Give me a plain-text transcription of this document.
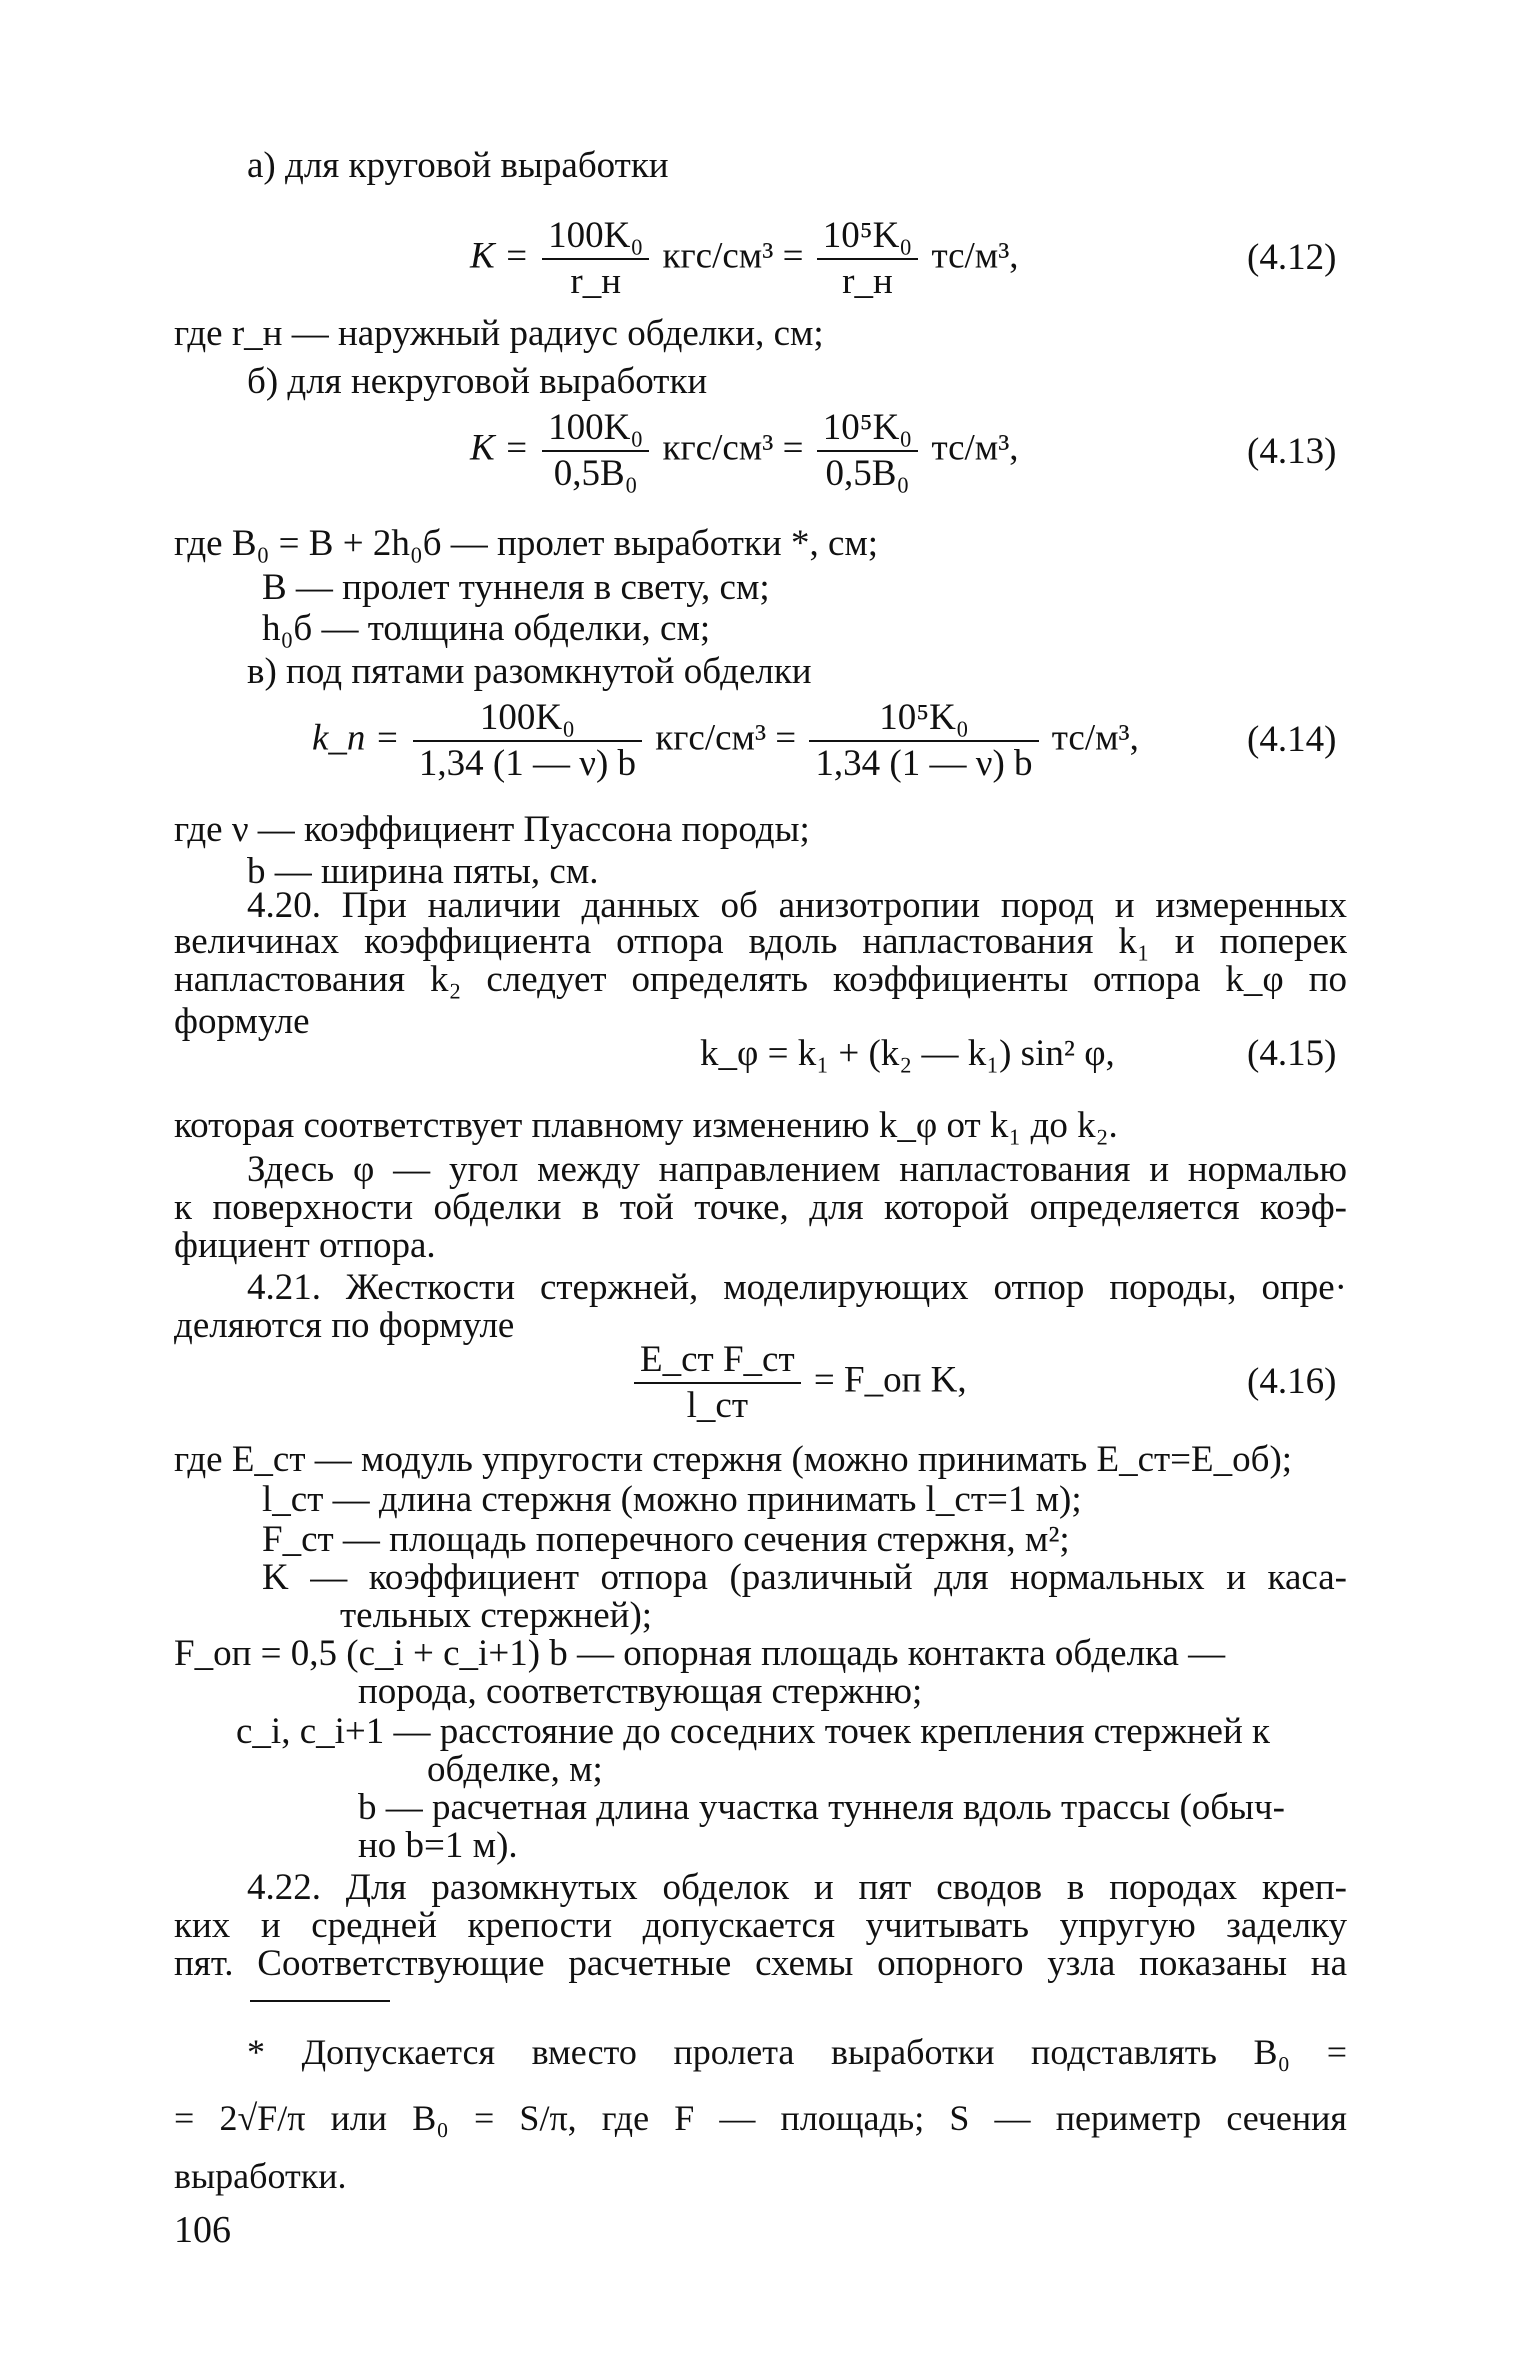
а) для круговой выработки
$K = \frac{\text{100K₀}}{r\_н} кгс/см^3 = \frac{\text{10⁵K₀}}{r\_н} тс/м^3$,	(4.12)
где r_н — наружный радиус обделки, см;
б) для некруговой выработки
$K = \frac{\text{100K₀}}{\text{0,5B₀}} кгс/см^3 = \frac{\text{10⁵K₀}}{\text{0,5B₀}} тс/м^3$,	(4.13)
где B₀ = B + 2h₀б — пролет выработки *, см;
B — пролет туннеля в свету, см;
h₀б — толщина обделки, см;
в) под пятами разомкнутой обделки
k_п = $\frac{\text{100K₀}}{1,34 (1 — \nu) b} кгс/см^3 = \frac{\text{10⁵K₀}}{1,34 (1 — \nu) b} тс/м^3$,	(4.14)
где ν — коэффициент Пуассона породы;
b — ширина пяты, см.
4.20. При наличии данных об анизотропии пород и измеренных
величинах коэффициента отпора вдоль напластования k₁ и поперек
напластования k₂ следует определять коэффициенты отпора k_φ по
формуле
k_φ = k₁ + (k₂ — k₁) sin² φ,	(4.15)
которая соответствует плавному изменению k_φ от k₁ до k₂.
Здесь φ — угол между направлением напластования и нормалью
к поверхности обделки в той точке, для которой определяется коэф-
фициент отпора.
4.21. Жесткости стержней, моделирующих отпор породы, опре·
деляются по формуле
$\frac{\text{E\_ст F\_ст}}{l\_ст}$ = F_оп K,	(4.16)
где E_ст — модуль упругости стержня (можно принимать E_ст=E_об);
l_ст — длина стержня (можно принимать l_ст=1 м);
F_ст — площадь поперечного сечения стержня, м²;
K — коэффициент отпора (различный для нормальных и каса-
тельных стержней);
F_оп = 0,5 (c_i + c_i+1) b — опорная площадь контакта обделка —
порода, соответствующая стержню;
c_i, c_i+1 — расстояние до соседних точек крепления стержней к
обделке, м;
b — расчетная длина участка туннеля вдоль трассы (обыч-
но b=1 м).
4.22. Для разомкнутых обделок и пят сводов в породах креп-
ких и средней крепости допускается учитывать упругую заделку
пят. Соответствующие расчетные схемы опорного узла показаны на
* Допускается вместо пролета выработки подставлять B₀ =
= 2√F/π или B₀ = S/π, где F — площадь; S — периметр сечения
выработки.
106
